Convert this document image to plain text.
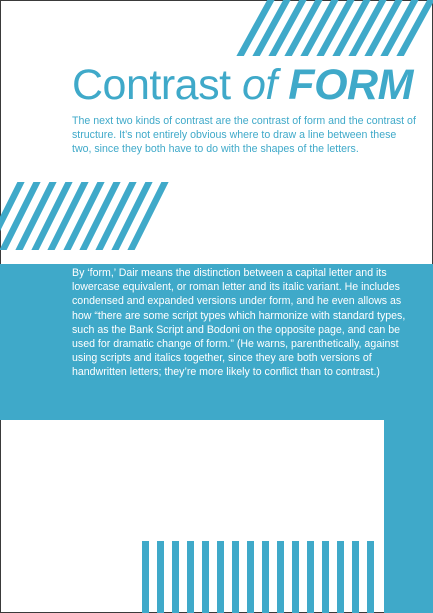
Contrast of FORM

The next two kinds of contrast are the contrast of form and the contrast of structure. It’s not entirely obvious where to draw a line between these two, since they both have to do with the shapes of the letters.

By ‘form,’ Dair means the distinction between a capital letter and its lowercase equivalent, or roman letter and its italic variant. He includes condensed and expanded versions under form, and he even allows as how “there are some script types which harmonize with standard types, such as the Bank Script and Bodoni on the opposite page, and can be used for dramatic change of form.” (He warns, parenthetically, against using scripts and italics together, since they are both versions of handwritten letters; they’re more likely to conflict than to contrast.)
